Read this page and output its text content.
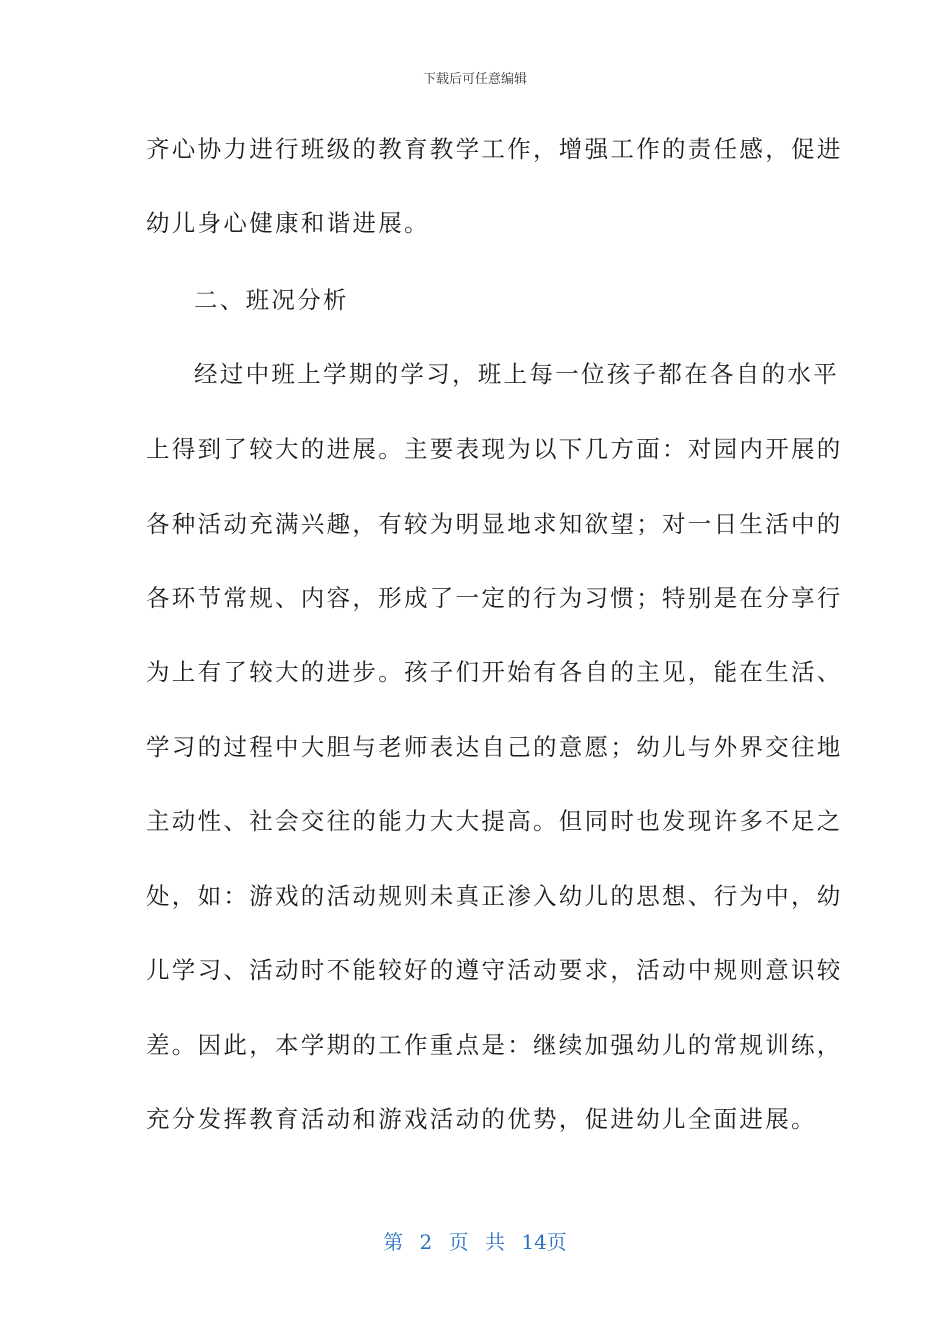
下载后可任意编辑
齐心协力进行班级的教育教学工作，增强工作的责任感，促进
幼儿身心健康和谐进展。
二、班况分析
经过中班上学期的学习，班上每一位孩子都在各自的水平
上得到了较大的进展。主要表现为以下几方面：对园内开展的
各种活动充满兴趣，有较为明显地求知欲望；对一日生活中的
各环节常规、内容，形成了一定的行为习惯；特别是在分享行
为上有了较大的进步。孩子们开始有各自的主见，能在生活、
学习的过程中大胆与老师表达自己的意愿；幼儿与外界交往地
主动性、社会交往的能力大大提高。但同时也发现许多不足之
处，如：游戏的活动规则未真正渗入幼儿的思想、行为中，幼
儿学习、活动时不能较好的遵守活动要求，活动中规则意识较
差。因此，本学期的工作重点是：继续加强幼儿的常规训练，
充分发挥教育活动和游戏活动的优势，促进幼儿全面进展。
第 2 页 共 14页
